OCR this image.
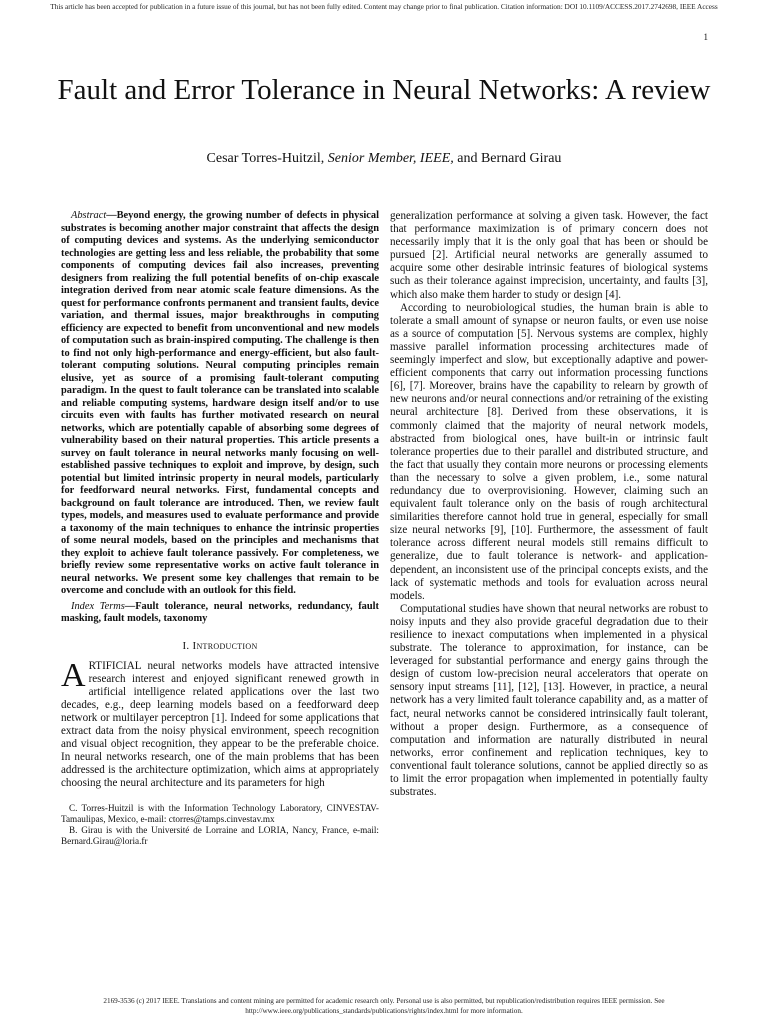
This article has been accepted for publication in a future issue of this journal, but has not been fully edited. Content may change prior to final publication. Citation information: DOI 10.1109/ACCESS.2017.2742698, IEEE Access
1
Fault and Error Tolerance in Neural Networks: A review
Cesar Torres-Huitzil, Senior Member, IEEE, and Bernard Girau

Abstract—Beyond energy, the growing number of defects in physical substrates is becoming another major constraint that affects the design of computing devices and systems. As the underlying semiconductor technologies are getting less and less reliable, the probability that some components of computing devices fail also increases, preventing designers from realizing the full potential benefits of on-chip exascale integration derived from near atomic scale feature dimensions. As the quest for performance confronts permanent and transient faults, device variation, and thermal issues, major breakthroughs in computing efficiency are expected to benefit from unconventional and new models of computation such as brain-inspired computing. The challenge is then to find not only high-performance and energy-efficient, but also fault-tolerant computing solutions. Neural computing principles remain elusive, yet as source of a promising fault-tolerant computing paradigm. In the quest to fault tolerance can be translated into scalable and reliable computing systems, hardware design itself and/or to use circuits even with faults has further motivated research on neural networks, which are potentially capable of absorbing some degrees of vulnerability based on their natural properties. This article presents a survey on fault tolerance in neural networks manly focusing on well-established passive techniques to exploit and improve, by design, such potential but limited intrinsic property in neural models, particularly for feedforward neural networks. First, fundamental concepts and background on fault tolerance are introduced. Then, we review fault types, models, and measures used to evaluate performance and provide a taxonomy of the main techniques to enhance the intrinsic properties of some neural models, based on the principles and mechanisms that they exploit to achieve fault tolerance passively. For completeness, we briefly review some representative works on active fault tolerance in neural networks. We present some key challenges that remain to be overcome and conclude with an outlook for this field.

Index Terms—Fault tolerance, neural networks, redundancy, fault masking, fault models, taxonomy

I. Introduction

ARTIFICIAL neural networks models have attracted intensive research interest and enjoyed significant renewed growth in artificial intelligence related applications over the last two decades, e.g., deep learning models based on a feedforward deep network or multilayer perceptron [1]. Indeed for some applications that extract data from the noisy physical environment, speech recognition and visual object recognition, they appear to be the preferable choice. In neural networks research, one of the main problems that has been addressed is the architecture optimization, which aims at appropriately choosing the neural architecture and its parameters for high

C. Torres-Huitzil is with the Information Technology Laboratory, CINVESTAV-Tamaulipas, Mexico, e-mail: ctorres@tamps.cinvestav.mx

B. Girau is with the Université de Lorraine and LORIA, Nancy, France, e-mail: Bernard.Girau@loria.fr

generalization performance at solving a given task. However, the fact that performance maximization is of primary concern does not necessarily imply that it is the only goal that has been or should be pursued [2]. Artificial neural networks are generally assumed to acquire some other desirable intrinsic features of biological systems such as their tolerance against imprecision, uncertainty, and faults [3], which also make them harder to study or design [4].

According to neurobiological studies, the human brain is able to tolerate a small amount of synapse or neuron faults, or even use noise as a source of computation [5]. Nervous systems are complex, highly massive parallel information processing architectures made of seemingly imperfect and slow, but exceptionally adaptive and power-efficient components that carry out information processing functions [6], [7]. Moreover, brains have the capability to relearn by growth of new neurons and/or neural connections and/or retraining of the existing neural architecture [8]. Derived from these observations, it is commonly claimed that the majority of neural network models, abstracted from biological ones, have built-in or intrinsic fault tolerance properties due to their parallel and distributed structure, and the fact that usually they contain more neurons or processing elements than the necessary to solve a given problem, i.e., some natural redundancy due to overprovisioning. However, claiming such an equivalent fault tolerance only on the basis of rough architectural similarities therefore cannot hold true in general, especially for small size neural networks [9], [10]. Furthermore, the assessment of fault tolerance across different neural models still remains difficult to generalize, due to fault tolerance is network- and application- dependent, an inconsistent use of the principal concepts exists, and the lack of systematic methods and tools for evaluation across neural models.

Computational studies have shown that neural networks are robust to noisy inputs and they also provide graceful degradation due to their resilience to inexact computations when implemented in a physical substrate. The tolerance to approximation, for instance, can be leveraged for substantial performance and energy gains through the design of custom low-precision neural accelerators that operate on sensory input streams [11], [12], [13]. However, in practice, a neural network has a very limited fault tolerance capability and, as a matter of fact, neural networks cannot be considered intrinsically fault tolerant, without a proper design. Furthermore, as a consequence of computation and information are naturally distributed in neural networks, error confinement and replication techniques, key to conventional fault tolerance solutions, cannot be applied directly so as to limit the error propagation when implemented in potentially faulty substrates.

2169-3536 (c) 2017 IEEE. Translations and content mining are permitted for academic research only. Personal use is also permitted, but republication/redistribution requires IEEE permission. See http://www.ieee.org/publications_standards/publications/rights/index.html for more information.
